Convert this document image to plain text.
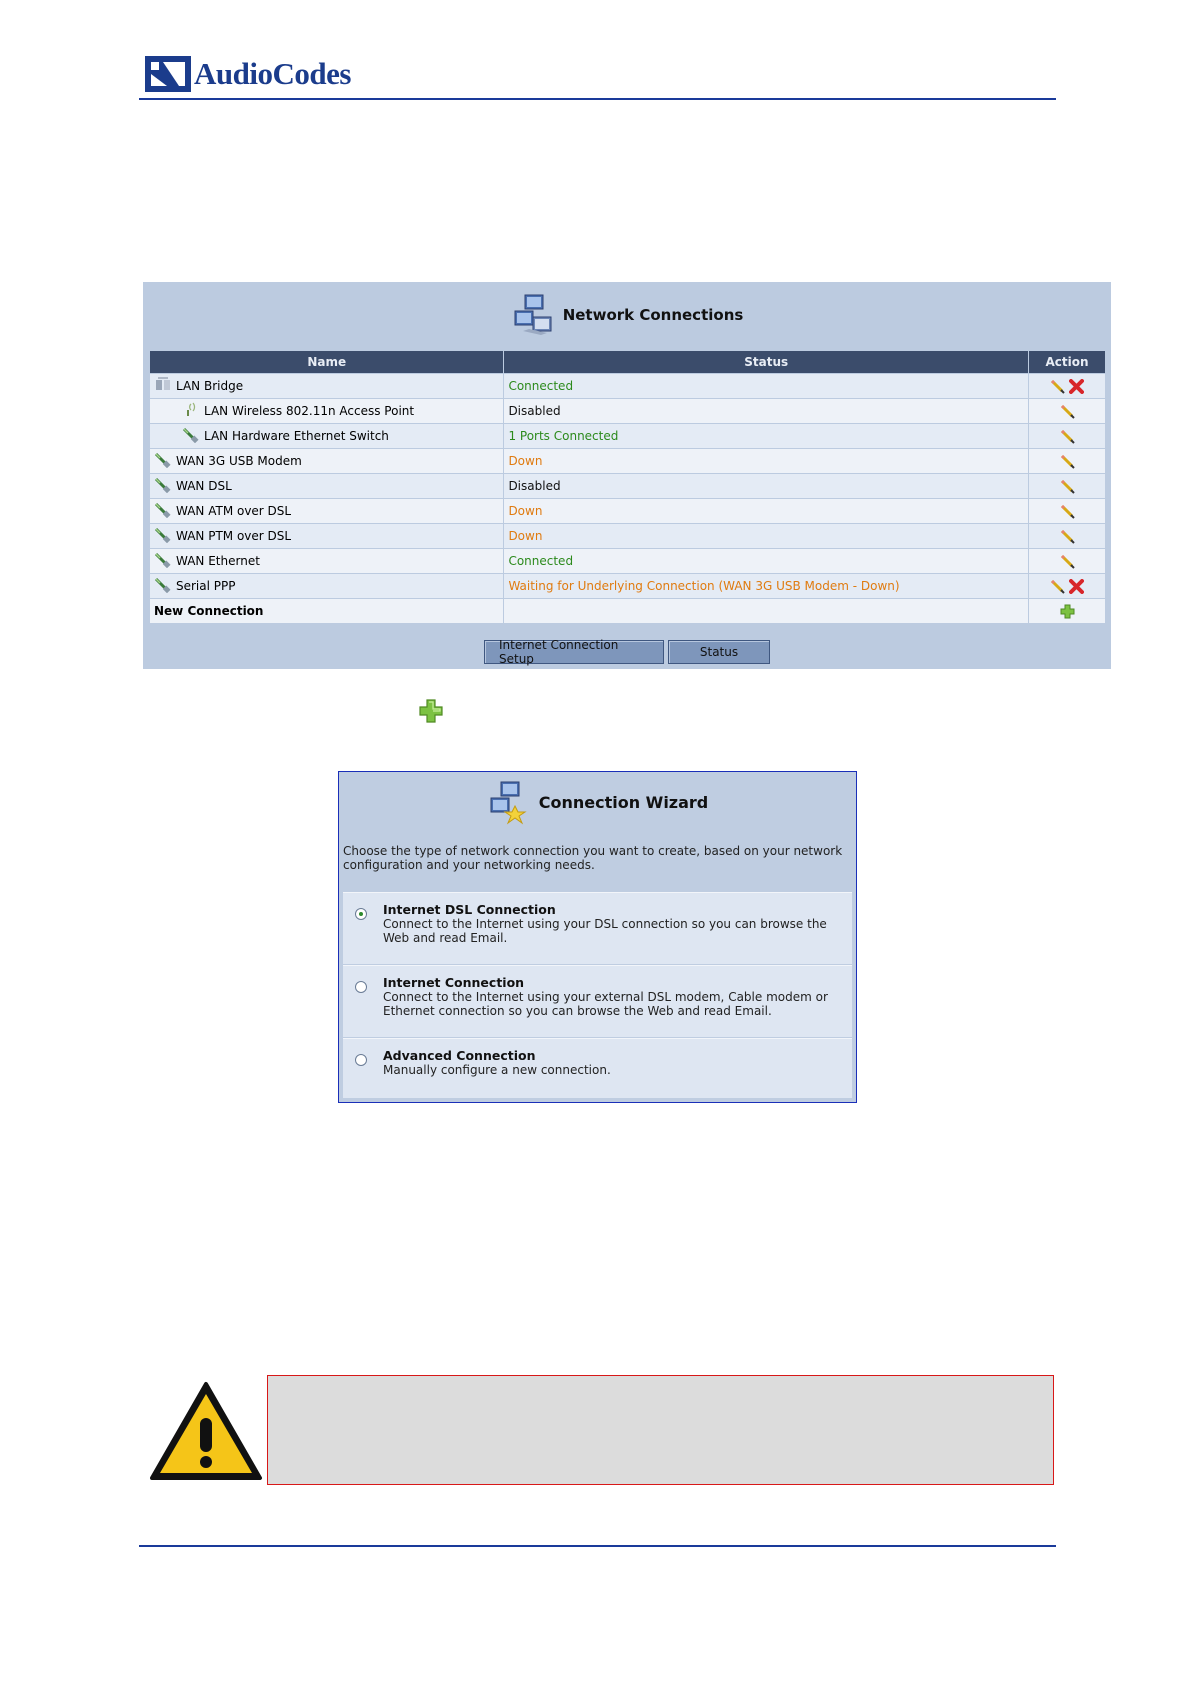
AudioCodes
Network Connections
Name	Status	Action

LAN Bridge	Connected	

LAN Wireless 802.11n Access Point	Disabled	

LAN Hardware Ethernet Switch	1 Ports Connected	

WAN 3G USB Modem	Down	

WAN DSL	Disabled	

WAN ATM over DSL	Down	

WAN PTM over DSL	Down	

WAN Ethernet	Connected	

Serial PPP	Waiting for Underlying Connection (WAN 3G USB Modem - Down)	
New Connection		
Internet Connection Setup	Status
Connection Wizard
Choose the type of network connection you want to create, based on your network configuration and your networking needs.
Internet DSL Connection
Connect to the Internet using your DSL connection so you can browse the Web and read Email.
Internet Connection
Connect to the Internet using your external DSL modem, Cable modem or Ethernet connection so you can browse the Web and read Email.
Advanced Connection
Manually configure a new connection.
